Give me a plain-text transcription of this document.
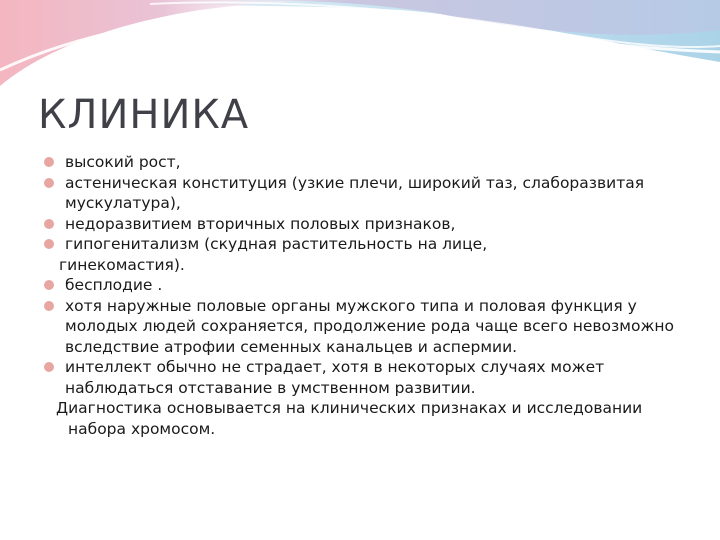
КЛИНИКА

высокий рост,

астеническая конституция (узкие плечи, широкий таз, слаборазвитая мускулатура),

недоразвитием вторичных половых признаков,

гипогенитализм (скудная растительность на лице,

гинекомастия).

бесплодие .

хотя наружные половые органы мужского типа и половая функция у молодых людей сохраняется, продолжение рода чаще всего невозможно вследствие атрофии семенных канальцев и аспермии.

интеллект обычно не страдает, хотя в некоторых случаях может наблюдаться отставание в умственном развитии.

Диагностика основывается на клинических признаках и исследовании набора хромосом.
